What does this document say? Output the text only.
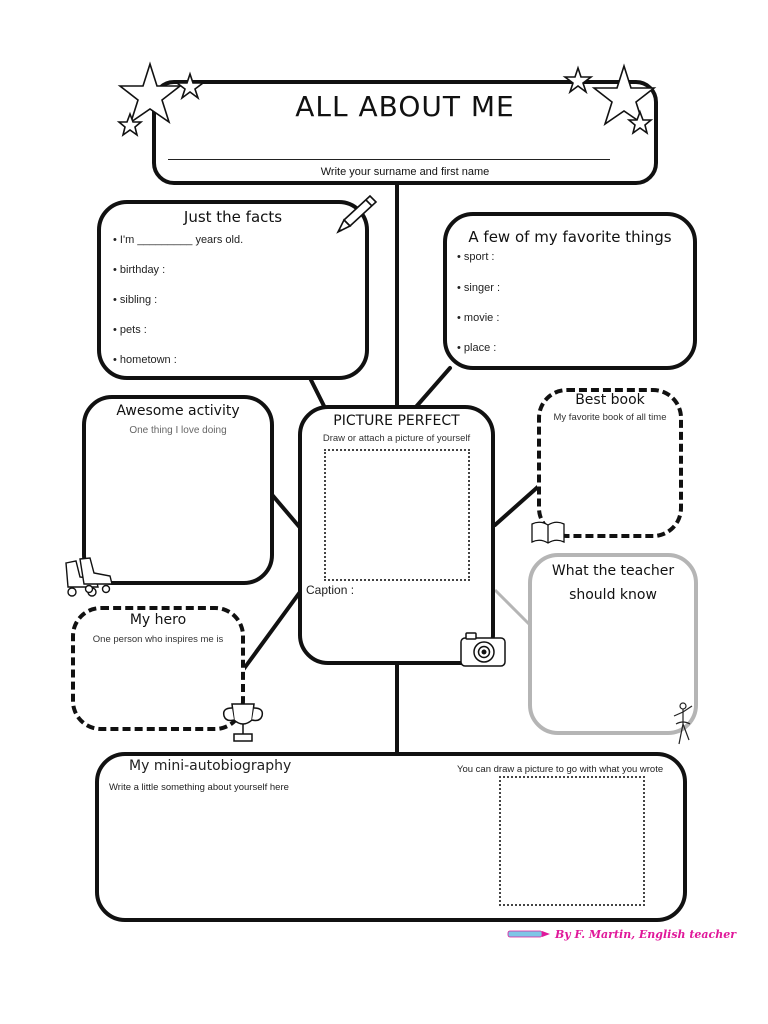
ALL ABOUT ME
Write your surname and first name
Just the facts
• I'm _________ years old.
• birthday :
• sibling :
• pets :
• hometown :
A few of my favorite things
• sport :
• singer :
• movie :
• place :
Awesome activity
One thing I love doing
PICTURE PERFECT
Draw or attach a picture of yourself
Caption :
Best book
My favorite book of all time
What the teacher
should know
My hero
One person who inspires me is
My mini-autobiography
Write a little something about yourself here
You can draw a picture to go with what you wrote
By F. Martin, English teacher
